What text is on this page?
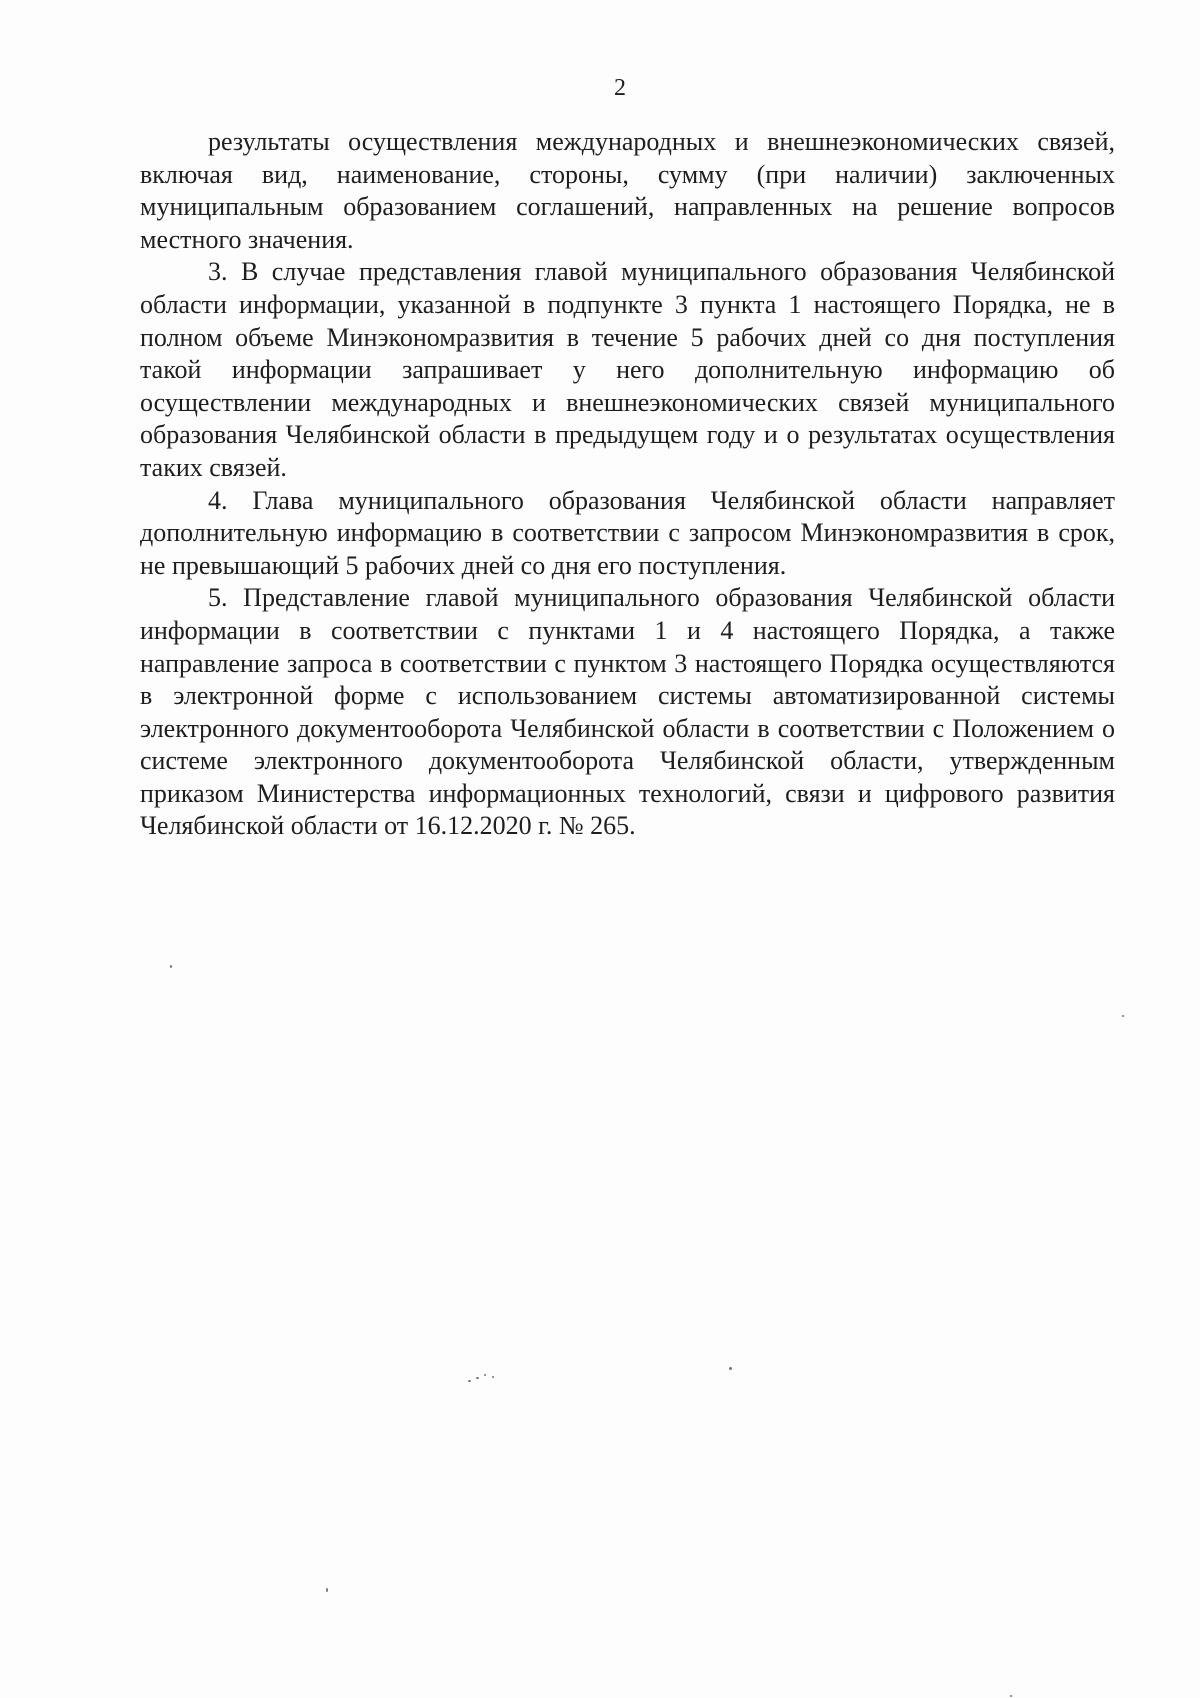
2

результаты осуществления международных и внешнеэкономических связей, включая вид, наименование, стороны, сумму (при наличии) заключенных муниципальным образованием соглашений, направленных на решение вопросов местного значения.

3. В случае представления главой муниципального образования Челябинской области информации, указанной в подпункте 3 пункта 1 настоящего Порядка, не в полном объеме Минэкономразвития в течение 5 рабочих дней со дня поступления такой информации запрашивает у него дополнительную информацию об осуществлении международных и внешнеэкономических связей муниципального образования Челябинской области в предыдущем году и о результатах осуществления таких связей.

4. Глава муниципального образования Челябинской области направляет дополнительную информацию в соответствии с запросом Минэкономразвития в срок, не превышающий 5 рабочих дней со дня его поступления.

5. Представление главой муниципального образования Челябинской области информации в соответствии с пунктами 1 и 4 настоящего Порядка, а также направление запроса в соответствии с пунктом 3 настоящего Порядка осуществляются в электронной форме с использованием системы автоматизированной системы электронного документооборота Челябинской области в соответствии с Положением о системе электронного документооборота Челябинской области, утвержденным приказом Министерства информационных технологий, связи и цифрового развития Челябинской области от 16.12.2020 г. № 265.
